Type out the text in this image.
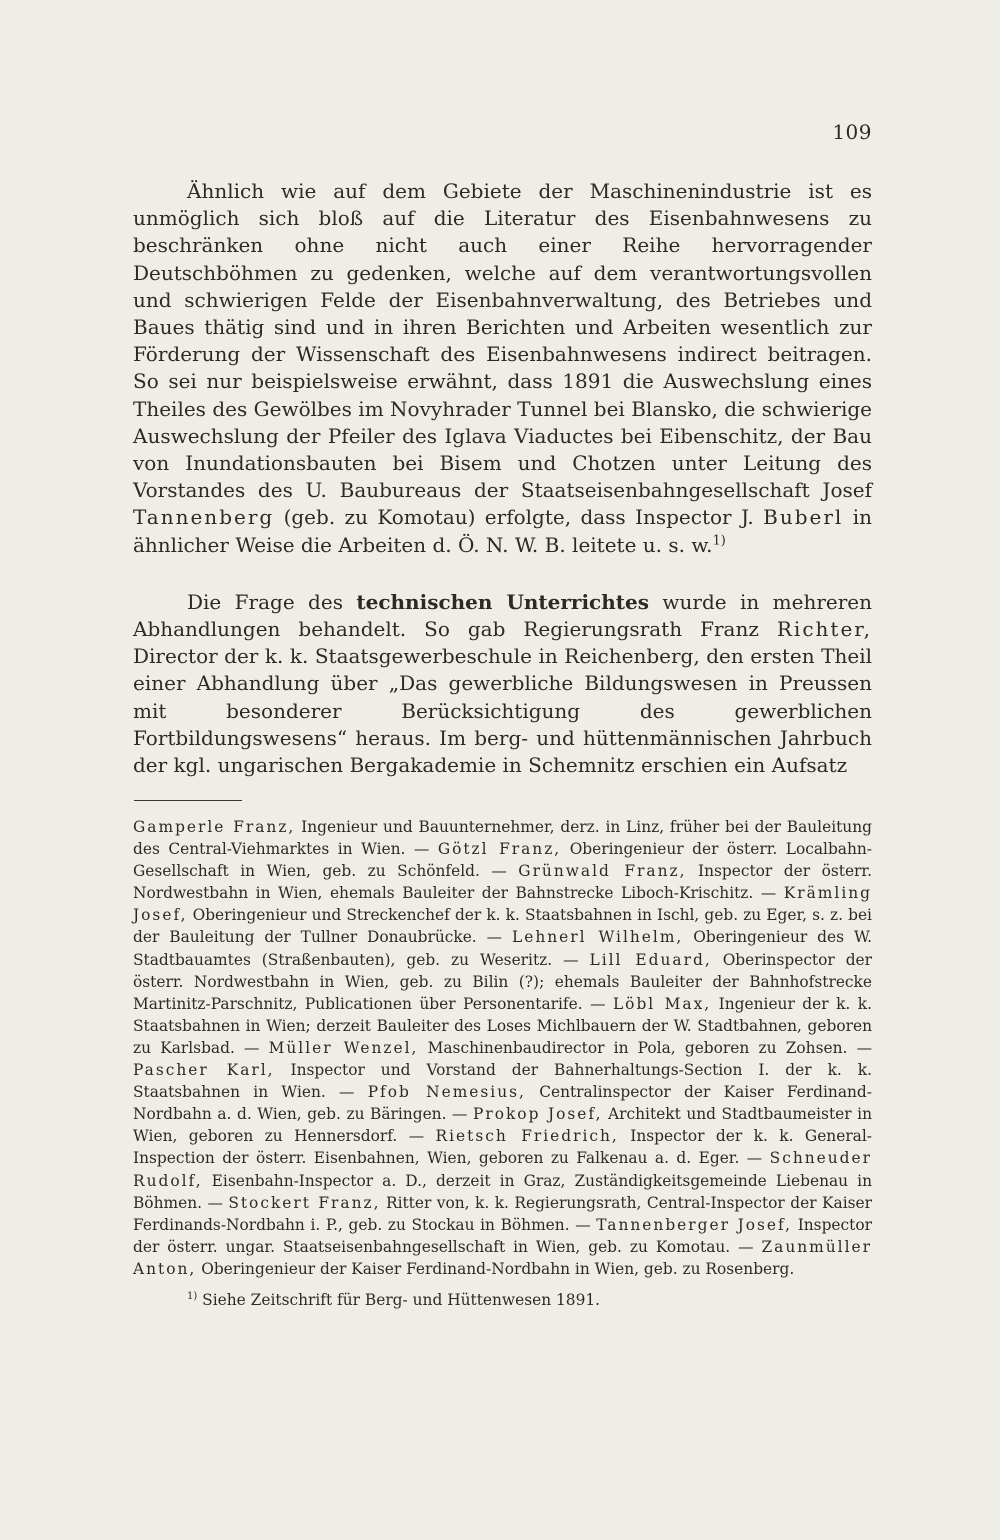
109

Ähnlich wie auf dem Gebiete der Maschinenindustrie ist es unmöglich sich bloß auf die Literatur des Eisenbahnwesens zu beschränken ohne nicht auch einer Reihe hervorragender Deutschböhmen zu gedenken, welche auf dem verantwortungsvollen und schwierigen Felde der Eisenbahnverwaltung, des Betriebes und Baues thätig sind und in ihren Berichten und Arbeiten wesentlich zur Förderung der Wissenschaft des Eisenbahnwesens indirect beitragen. So sei nur beispielsweise erwähnt, dass 1891 die Auswechslung eines Theiles des Gewölbes im Novyhrader Tunnel bei Blansko, die schwierige Auswechslung der Pfeiler des Iglava Viaductes bei Eibenschitz, der Bau von Inundationsbauten bei Bisem und Chotzen unter Leitung des Vorstandes des U. Baubureaus der Staatseisenbahngesellschaft Josef Tannenberg (geb. zu Komotau) erfolgte, dass Inspector J. Buberl in ähnlicher Weise die Arbeiten d. Ö. N. W. B. leitete u. s. w.$^{1)}$

Die Frage des technischen Unterrichtes wurde in mehreren Abhandlungen behandelt. So gab Regierungsrath Franz Richter, Director der k. k. Staatsgewerbeschule in Reichenberg, den ersten Theil einer Abhandlung über „Das gewerbliche Bildungswesen in Preussen mit besonderer Berücksichtigung des gewerblichen Fortbildungswesens“ heraus. Im berg- und hüttenmännischen Jahrbuch der kgl. ungarischen Bergakademie in Schemnitz erschien ein Aufsatz

Gamperle Franz, Ingenieur und Bauunternehmer, derz. in Linz, früher bei der Bauleitung des Central-Viehmarktes in Wien. — Götzl Franz, Oberingenieur der österr. Localbahn-Gesellschaft in Wien, geb. zu Schönfeld. — Grünwald Franz, Inspector der österr. Nordwestbahn in Wien, ehemals Bauleiter der Bahnstrecke Liboch-Krischitz. — Krämling Josef, Oberingenieur und Streckenchef der k. k. Staatsbahnen in Ischl, geb. zu Eger, s. z. bei der Bauleitung der Tullner Donaubrücke. — Lehnerl Wilhelm, Oberingenieur des W. Stadtbauamtes (Straßenbauten), geb. zu Weseritz. — Lill Eduard, Oberinspector der österr. Nordwestbahn in Wien, geb. zu Bilin (?); ehemals Bauleiter der Bahnhofstrecke Martinitz-Parschnitz, Publicationen über Personentarife. — Löbl Max, Ingenieur der k. k. Staatsbahnen in Wien; derzeit Bauleiter des Loses Michlbauern der W. Stadtbahnen, geboren zu Karlsbad. — Müller Wenzel, Maschinenbaudirector in Pola, geboren zu Zohsen. — Pascher Karl, Inspector und Vorstand der Bahnerhaltungs-Section I. der k. k. Staatsbahnen in Wien. — Pfob Nemesius, Centralinspector der Kaiser Ferdinand-Nordbahn a. d. Wien, geb. zu Bäringen. — Prokop Josef, Architekt und Stadtbaumeister in Wien, geboren zu Hennersdorf. — Rietsch Friedrich, Inspector der k. k. General-Inspection der österr. Eisenbahnen, Wien, geboren zu Falkenau a. d. Eger. — Schneuder Rudolf, Eisenbahn-Inspector a. D., derzeit in Graz, Zuständigkeitsgemeinde Liebenau in Böhmen. — Stockert Franz, Ritter von, k. k. Regierungsrath, Central-Inspector der Kaiser Ferdinands-Nordbahn i. P., geb. zu Stockau in Böhmen. — Tannenberger Josef, Inspector der österr. ungar. Staatseisenbahngesellschaft in Wien, geb. zu Komotau. — Zaunmüller Anton, Oberingenieur der Kaiser Ferdinand-Nordbahn in Wien, geb. zu Rosenberg.

$^{1)}$ Siehe Zeitschrift für Berg- und Hüttenwesen 1891.
